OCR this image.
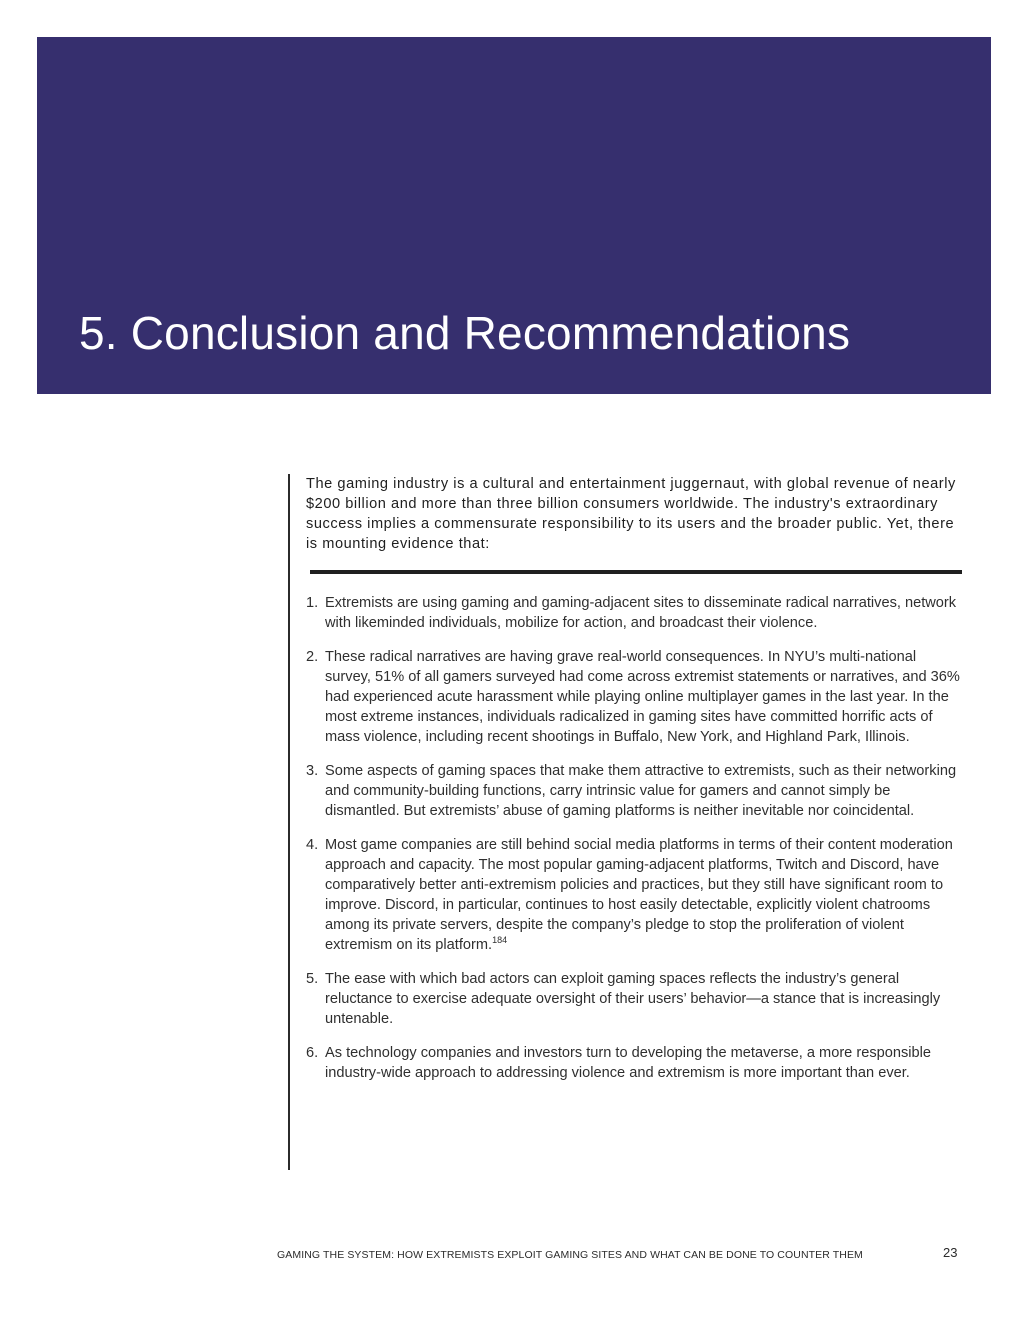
5. Conclusion and Recommendations

The gaming industry is a cultural and entertainment juggernaut, with global revenue of nearly $200 billion and more than three billion consumers worldwide. The industry's extraordinary success implies a commensurate responsibility to its users and the broader public. Yet, there is mounting evidence that:

1. Extremists are using gaming and gaming-adjacent sites to disseminate radical narratives, network with likeminded individuals, mobilize for action, and broadcast their violence.
2. These radical narratives are having grave real-world consequences. In NYU’s multi-national survey, 51% of all gamers surveyed had come across extremist statements or narratives, and 36% had experienced acute harassment while playing online multiplayer games in the last year. In the most extreme instances, individuals radicalized in gaming sites have committed horrific acts of mass violence, including recent shootings in Buffalo, New York, and Highland Park, Illinois.
3. Some aspects of gaming spaces that make them attractive to extremists, such as their networking and community-building functions, carry intrinsic value for gamers and cannot simply be dismantled. But extremists’ abuse of gaming platforms is neither inevitable nor coincidental.
4. Most game companies are still behind social media platforms in terms of their content moderation approach and capacity. The most popular gaming-adjacent platforms, Twitch and Discord, have comparatively better anti-extremism policies and practices, but they still have significant room to improve. Discord, in particular, continues to host easily detectable, explicitly violent chatrooms among its private servers, despite the company’s pledge to stop the proliferation of violent extremism on its platform.$^{184}$
5. The ease with which bad actors can exploit gaming spaces reflects the industry’s general reluctance to exercise adequate oversight of their users’ behavior—a stance that is increasingly untenable.
6. As technology companies and investors turn to developing the metaverse, a more responsible industry-wide approach to addressing violence and extremism is more important than ever.
GAMING THE SYSTEM: HOW EXTREMISTS EXPLOIT GAMING SITES AND WHAT CAN BE DONE TO COUNTER THEM	23
